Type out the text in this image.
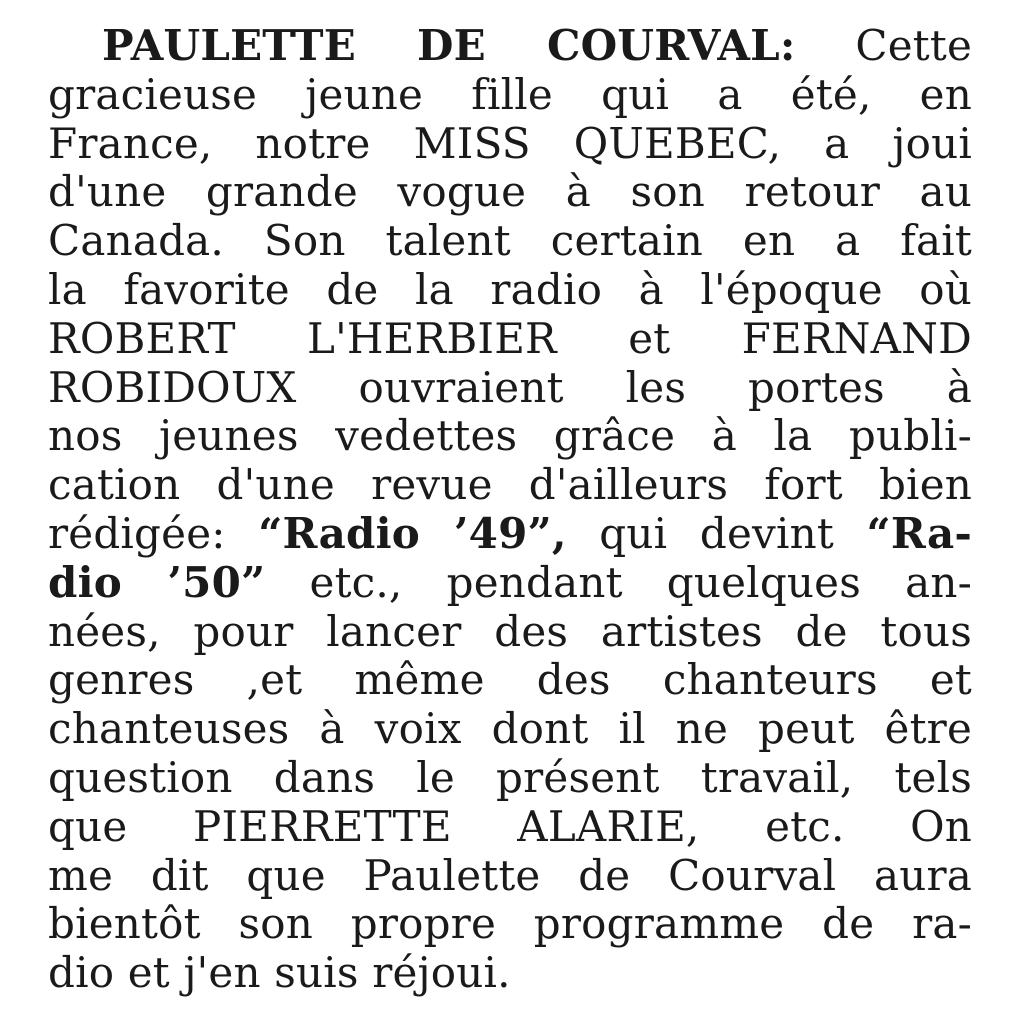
PAULETTE DE COURVAL: Cette
gracieuse jeune fille qui a été, en
France, notre MISS QUEBEC, a joui
d'une grande vogue à son retour au
Canada. Son talent certain en a fait
la favorite de la radio à l'époque où
ROBERT L'HERBIER et FERNAND
ROBIDOUX ouvraient les portes à
nos jeunes vedettes grâce à la publi-
cation d'une revue d'ailleurs fort bien
rédigée: “Radio ’49”, qui devint “Ra-
dio ’50” etc., pendant quelques an-
nées, pour lancer des artistes de tous
genres ,et même des chanteurs et
chanteuses à voix dont il ne peut être
question dans le présent travail, tels
que PIERRETTE ALARIE, etc. On
me dit que Paulette de Courval aura
bientôt son propre programme de ra-
dio et j'en suis réjoui.
